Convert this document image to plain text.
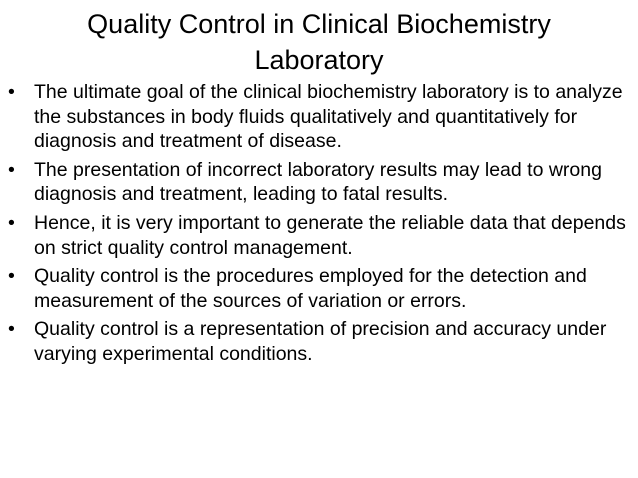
Quality Control in Clinical Biochemistry Laboratory
• The ultimate goal of the clinical biochemistry laboratory is to analyze the substances in body fluids qualitatively and quantitatively for diagnosis and treatment of disease.
• The presentation of incorrect laboratory results may lead to wrong diagnosis and treatment, leading to fatal results.
• Hence, it is very important to generate the reliable data that depends on strict quality control management.
• Quality control is the procedures employed for the detection and measurement of the sources of variation or errors.
• Quality control is a representation of precision and accuracy under varying experimental conditions.
